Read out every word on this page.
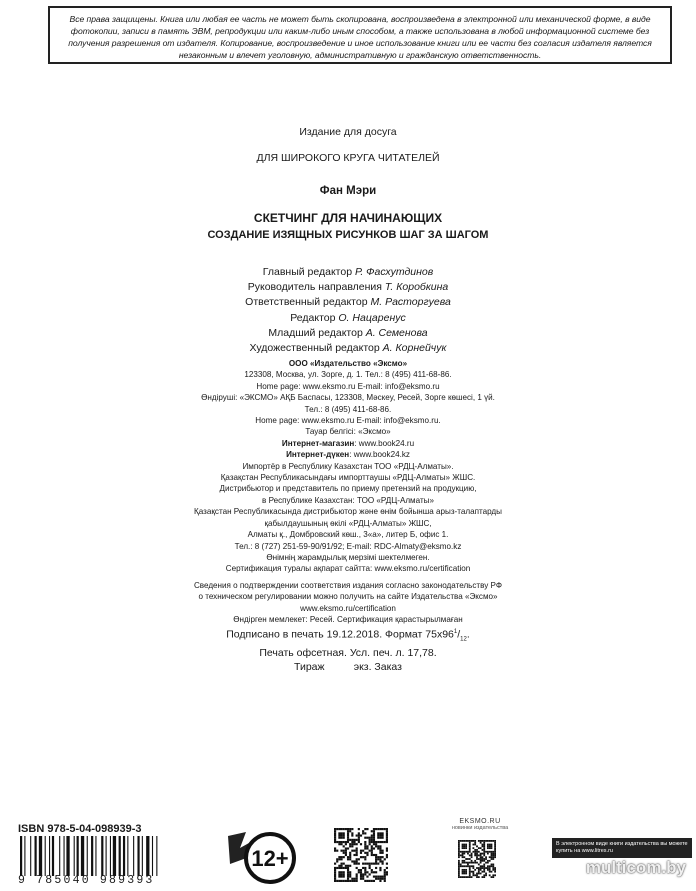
Все права защищены. Книга или любая ее часть не может быть скопирована, воспроизведена в электронной или механической форме, в виде фотокопии, записи в память ЭВМ, репродукции или каким-либо иным способом, а также использована в любой информационной системе без получения разрешения от издателя. Копирование, воспроизведение и иное использование книги или ее части без согласия издателя является незаконным и влечет уголовную, административную и гражданскую ответственность.
Издание для досуга
ДЛЯ ШИРОКОГО КРУГА ЧИТАТЕЛЕЙ
Фан Мэри
СКЕТЧИНГ ДЛЯ НАЧИНАЮЩИХ
СОЗДАНИЕ ИЗЯЩНЫХ РИСУНКОВ ШАГ ЗА ШАГОМ
Главный редактор Р. Фасхутдинов
Руководитель направления Т. Коробкина
Ответственный редактор М. Расторгуева
Редактор О. Нацаренус
Младший редактор А. Семенова
Художественный редактор А. Корнейчук
ООО «Издательство «Эксмо»
123308, Москва, ул. Зорге, д. 1. Тел.: 8 (495) 411-68-86.
Home page: www.eksmo.ru E-mail: info@eksmo.ru
Өндіруші: «ЭКСМО» АҚБ Баспасы, 123308, Мәскеу, Ресей, Зорге көшесі, 1 үй.
Тел.: 8 (495) 411-68-86.
Home page: www.eksmo.ru E-mail: info@eksmo.ru.
Тауар белгісі: «Эксмо»
Интернет-магазин: www.book24.ru
Интернет-дүкен: www.book24.kz
Импортёр в Республику Казахстан ТОО «РДЦ-Алматы».
Қазақстан Республикасындағы импорттаушы «РДЦ-Алматы» ЖШС.
Дистрибьютор и представитель по приему претензий на продукцию,
в Республике Казахстан: ТОО «РДЦ-Алматы»
Қазақстан Республикасында дистрибьютор және өнім бойынша арыз-талаптарды
қабылдаушының өкілі «РДЦ-Алматы» ЖШС,
Алматы қ., Домбровский көш., 3«а», литер Б, офис 1.
Тел.: 8 (727) 251-59-90/91/92; E-mail: RDC-Almaty@eksmo.kz
Өнімнің жарамдылық мерзімі шектелмеген.
Сертификация туралы ақпарат сайтта: www.eksmo.ru/certification
Сведения о подтверждении соответствия издания согласно законодательству РФ
о техническом регулировании можно получить на сайте Издательства «Эксмо»
www.eksmo.ru/certification
Өндірген мемлекет: Ресей. Сертификация қарастырылмаған
Подписано в печать 19.12.2018. Формат $75х96^1/_{12}$.
Печать офсетная. Усл. печ. л. 17,78.
Тираж          экз. Заказ
ISBN 978-5-04-098939-3
9 785040 989393
12+
EKSMO.RU
новинки издательства
В электронном виде книги издательства вы можете купить на www.litres.ru
multicom.by
